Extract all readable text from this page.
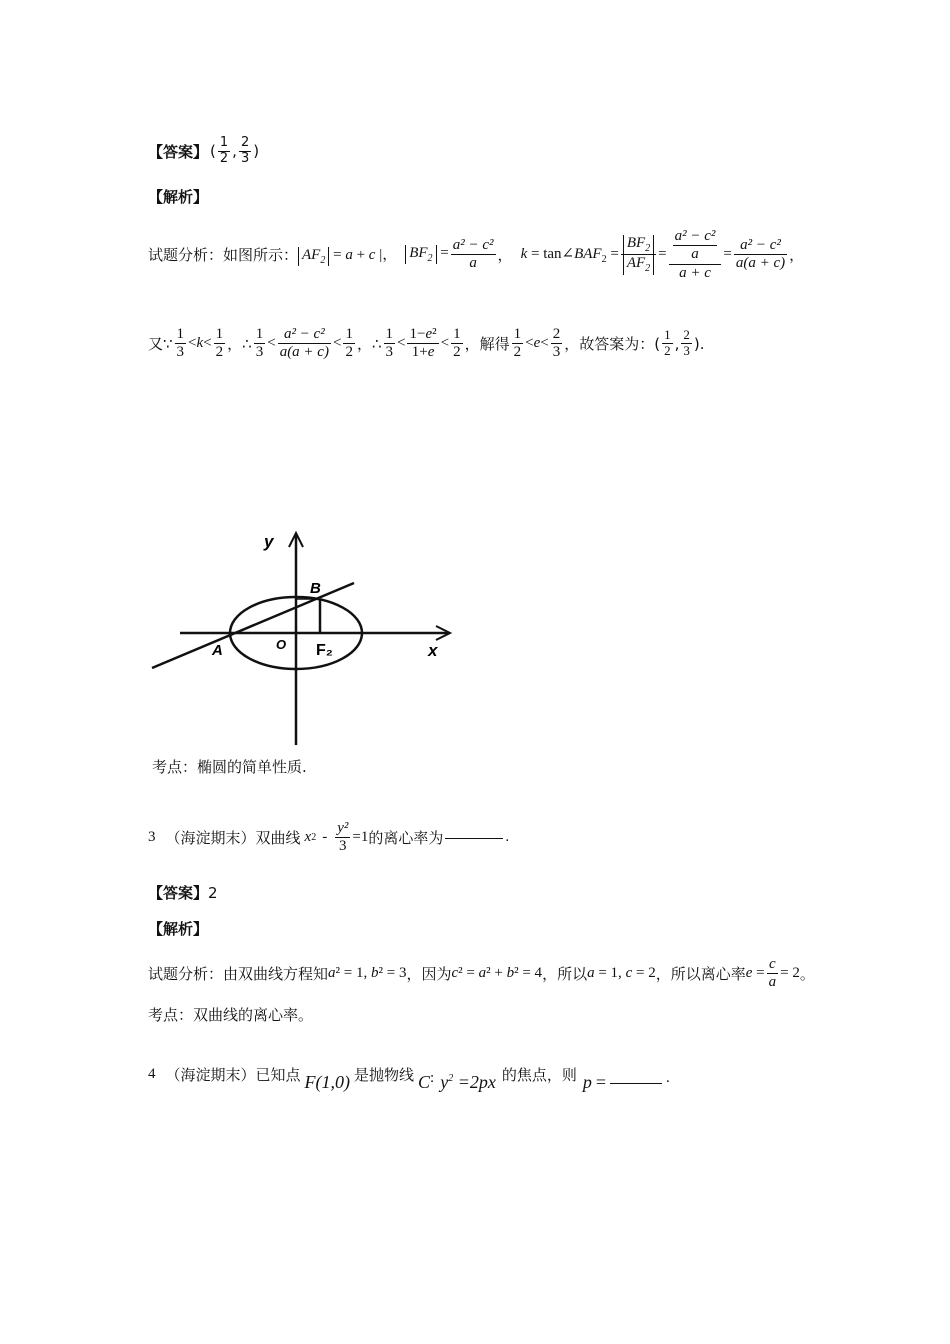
【答案】 ( $\frac{1}{2}$ , $\frac{2}{3}$ )
【解析】
试题分析：如图所示： $AF_2 = a + c$ |， $BF_2 = \frac{\text{a² − c²}}{a}$ ， $k = \tan\angle BAF_2 = \frac{BF_2}{AF_2} = \frac{\frac{\text{a² − c²}}{a}}{a + c} = \frac{\text{a² − c²}}{a(a + c)}$ ，
又∵ $\frac{1}{3} <k< \frac{1}{2}$ ， ∴ $\frac{1}{3} < \frac{\text{a² − c²}}{a(a + c)} < \frac{1}{2}$ ， ∴ $\frac{1}{3} < \frac{\text{1−e²}}{1+e} < \frac{1}{2}$ ， 解得 $\frac{1}{2} <e< \frac{2}{3}$ ， 故答案为： ( $\frac{1}{2}$ , $\frac{2}{3}$ ).
y
x
O
A
B
F₂
考点：椭圆的简单性质.
3 （海淀期末） 双曲线 x $2 - \frac{\text{y²}}{3} =1$ 的离心率为	.
【答案】2
【解析】
试题分析：由双曲线方程知 a² = 1, b² = 3 ， 因为 c² = a² + b² = 4 ， 所以 a = 1, c = 2 ， 所以离心率 $e = \frac{c}{a} = 2$ 。
考点：双曲线的离心率。
4 （海淀期末） 已知点 F(1,0) 是抛物线 C : $y^2 =2px$ 的焦点，则 p =	.
